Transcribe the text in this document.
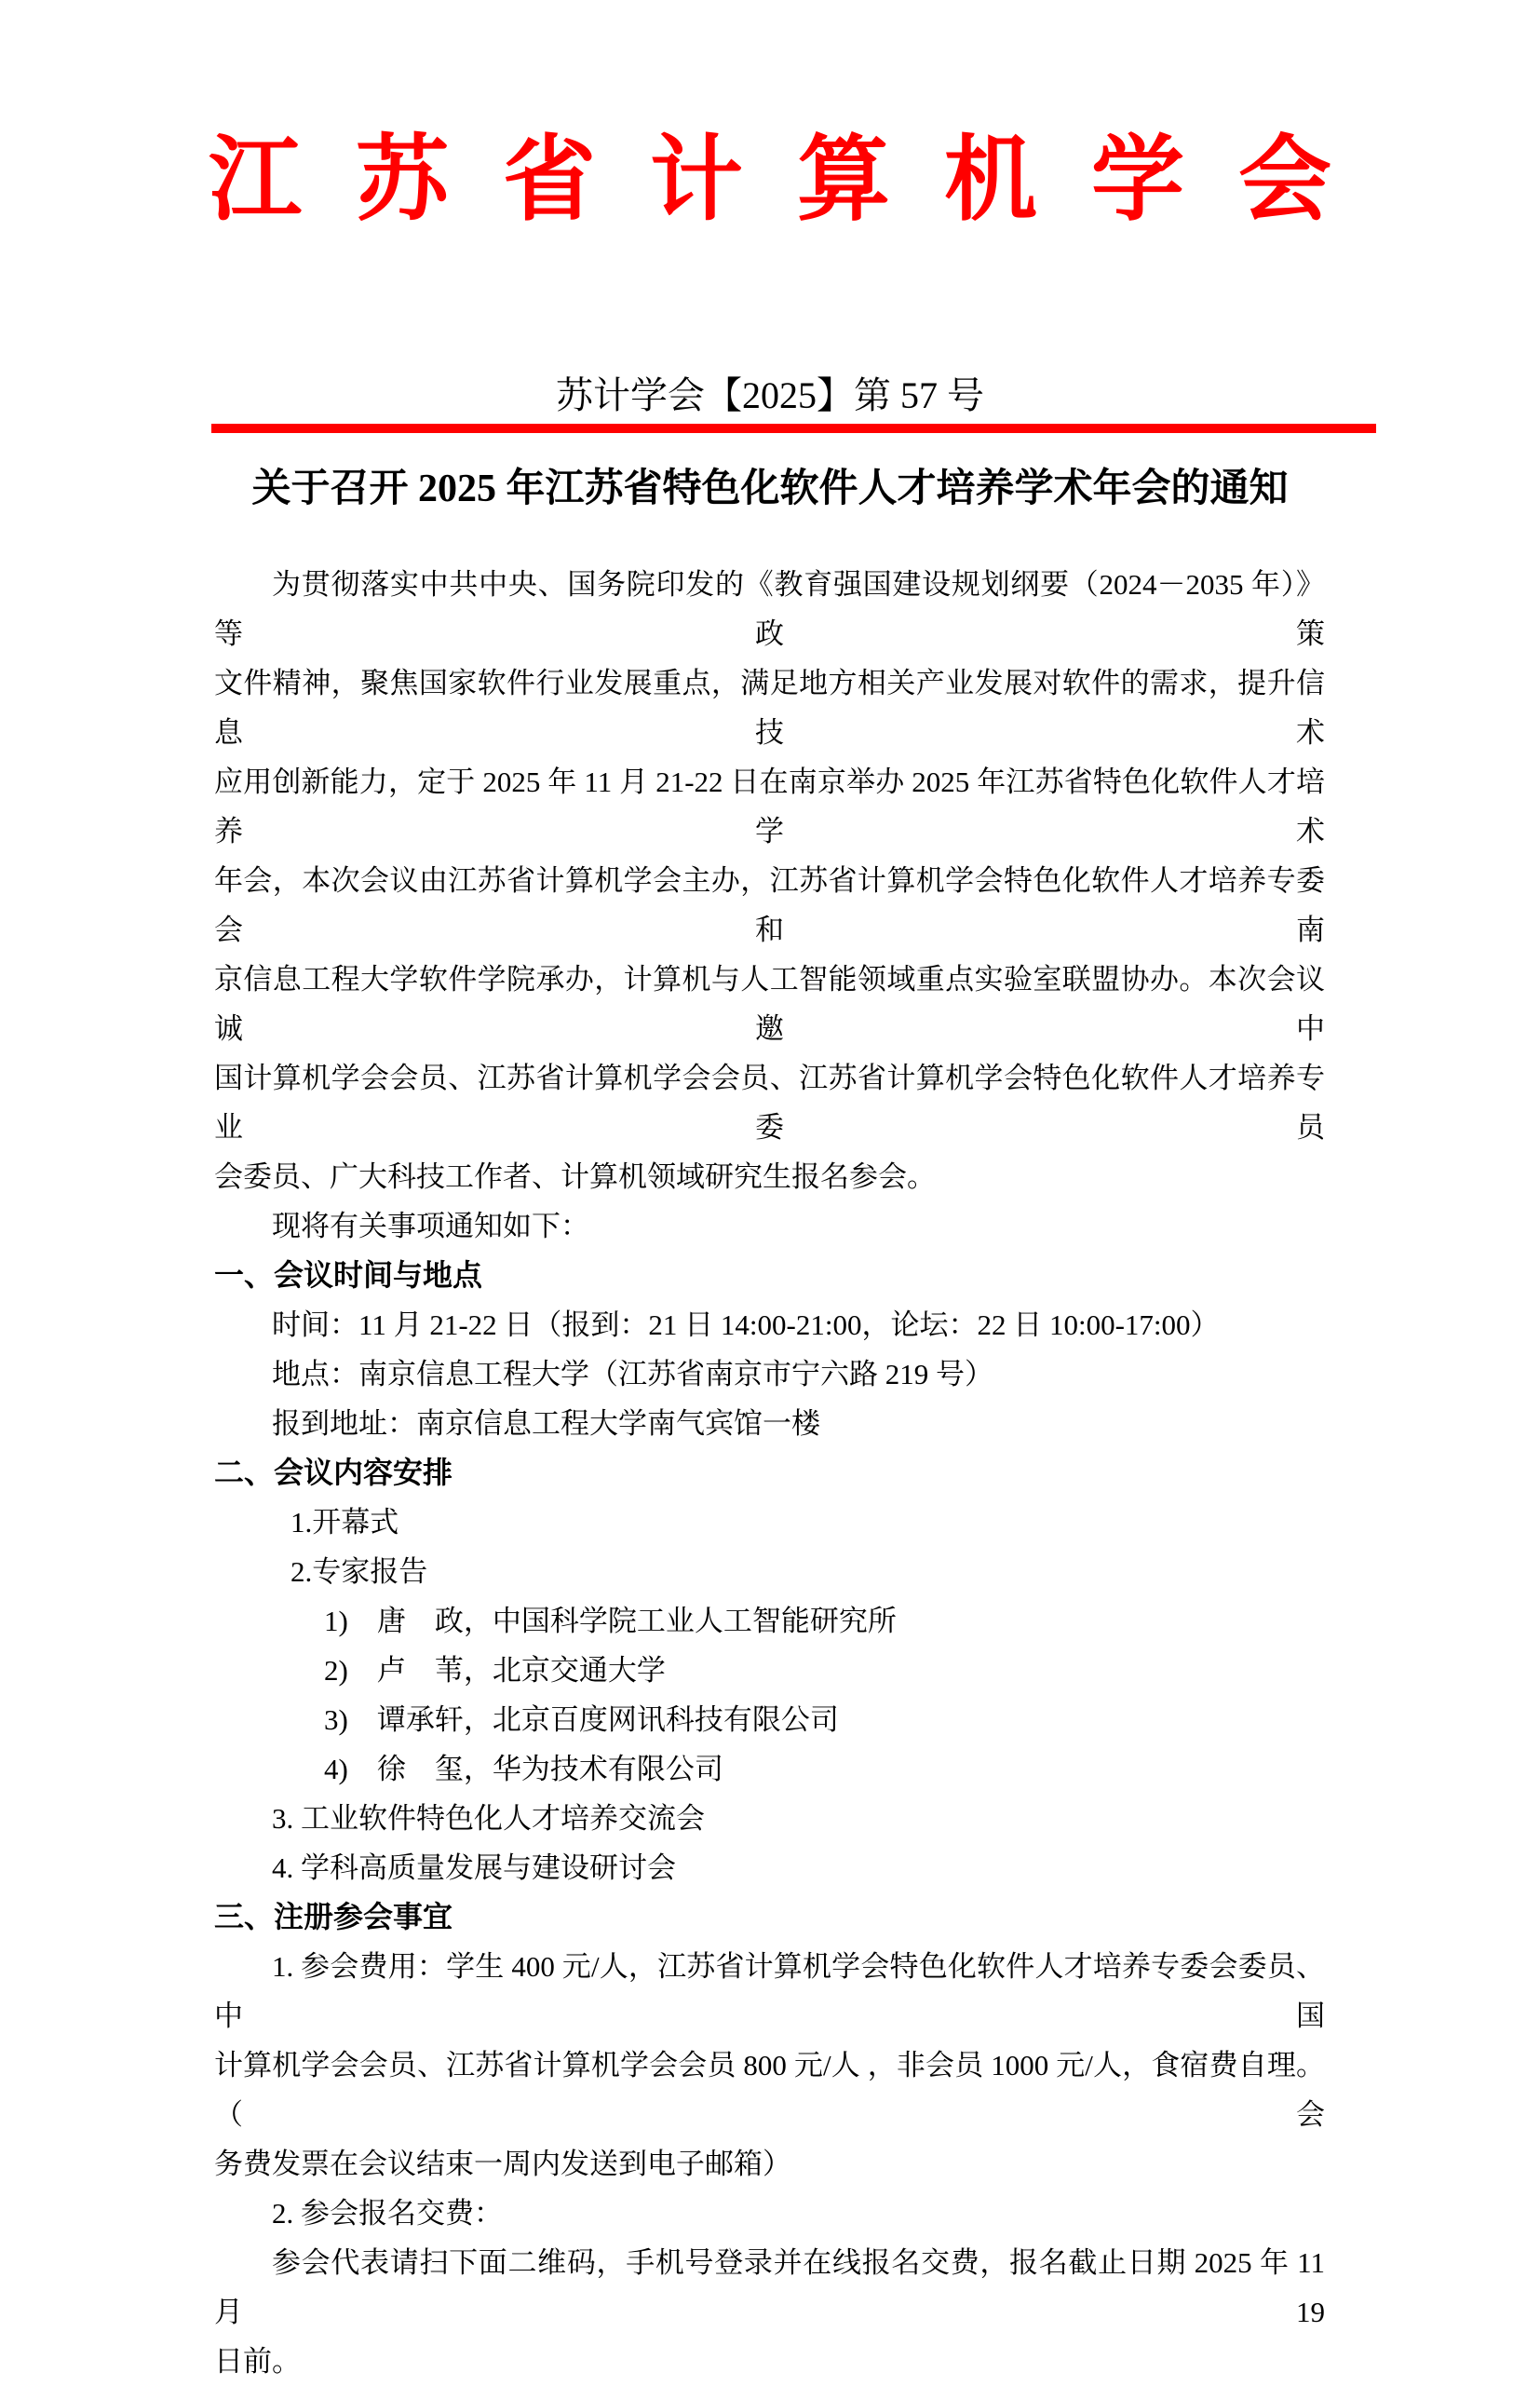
江苏省计算机学会
苏计学会【2025】第 57 号
关于召开 2025 年江苏省特色化软件人才培养学术年会的通知
为贯彻落实中共中央、国务院印发的《教育强国建设规划纲要（2024－2035 年）》等政策
文件精神，聚焦国家软件行业发展重点，满足地方相关产业发展对软件的需求，提升信息技术
应用创新能力，定于 2025 年 11 月 21-22 日在南京举办 2025 年江苏省特色化软件人才培养学术
年会，本次会议由江苏省计算机学会主办，江苏省计算机学会特色化软件人才培养专委会和南
京信息工程大学软件学院承办，计算机与人工智能领域重点实验室联盟协办。本次会议诚邀中
国计算机学会会员、江苏省计算机学会会员、江苏省计算机学会特色化软件人才培养专业委员
会委员、广大科技工作者、计算机领域研究生报名参会。
现将有关事项通知如下：
一、会议时间与地点
时间：11 月 21-22 日（报到：21 日 14:00-21:00，论坛：22 日 10:00-17:00）
地点：南京信息工程大学（江苏省南京市宁六路 219 号）
报到地址：南京信息工程大学南气宾馆一楼
二、会议内容安排
1.开幕式
2.专家报告
1)　唐　政，中国科学院工业人工智能研究所
2)　卢　苇，北京交通大学
3)　谭承轩，北京百度网讯科技有限公司
4)　徐　玺，华为技术有限公司
3. 工业软件特色化人才培养交流会
4. 学科高质量发展与建设研讨会
三、注册参会事宜
1. 参会费用：学生 400 元/人，江苏省计算机学会特色化软件人才培养专委会委员、中国
计算机学会会员、江苏省计算机学会会员 800 元/人 ，非会员 1000 元/人，食宿费自理。（会
务费发票在会议结束一周内发送到电子邮箱）
2. 参会报名交费：
参会代表请扫下面二维码，手机号登录并在线报名交费，报名截止日期 2025 年 11 月 19
日前。
